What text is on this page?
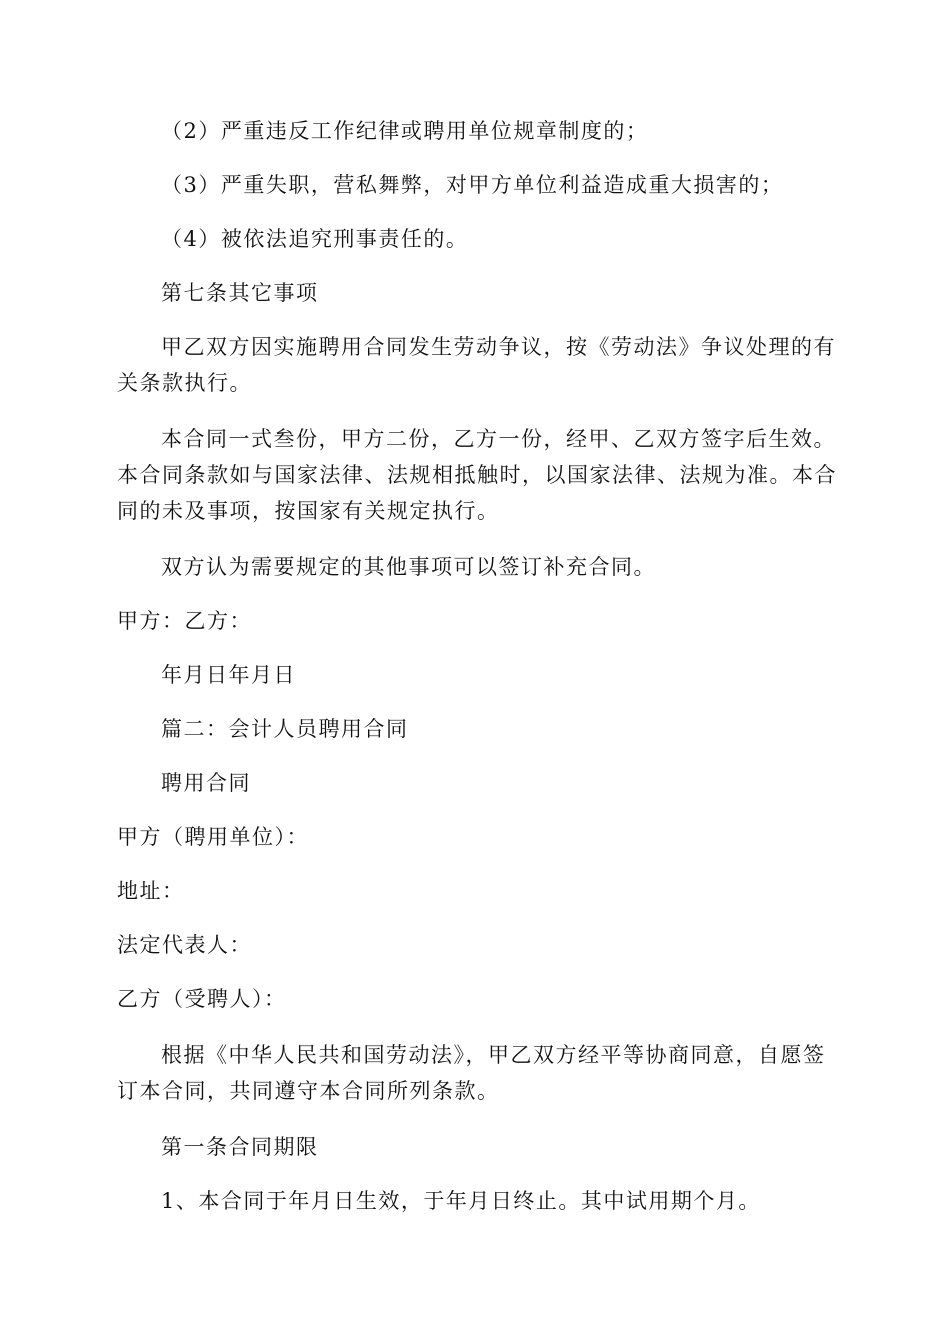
（2）严重违反工作纪律或聘用单位规章制度的；
（3）严重失职，营私舞弊，对甲方单位利益造成重大损害的；
（4）被依法追究刑事责任的。
第七条其它事项
甲乙双方因实施聘用合同发生劳动争议，按《劳动法》争议处理的有
关条款执行。
本合同一式叁份，甲方二份，乙方一份，经甲、乙双方签字后生效。
本合同条款如与国家法律、法规相抵触时，以国家法律、法规为准。本合
同的未及事项，按国家有关规定执行。
双方认为需要规定的其他事项可以签订补充合同。
甲方：乙方：
年月日年月日
篇二：会计人员聘用合同
聘用合同
甲方（聘用单位）：
地址：
法定代表人：
乙方（受聘人）：
根据《中华人民共和国劳动法》，甲乙双方经平等协商同意，自愿签
订本合同，共同遵守本合同所列条款。
第一条合同期限
1、本合同于年月日生效，于年月日终止。其中试用期个月。
